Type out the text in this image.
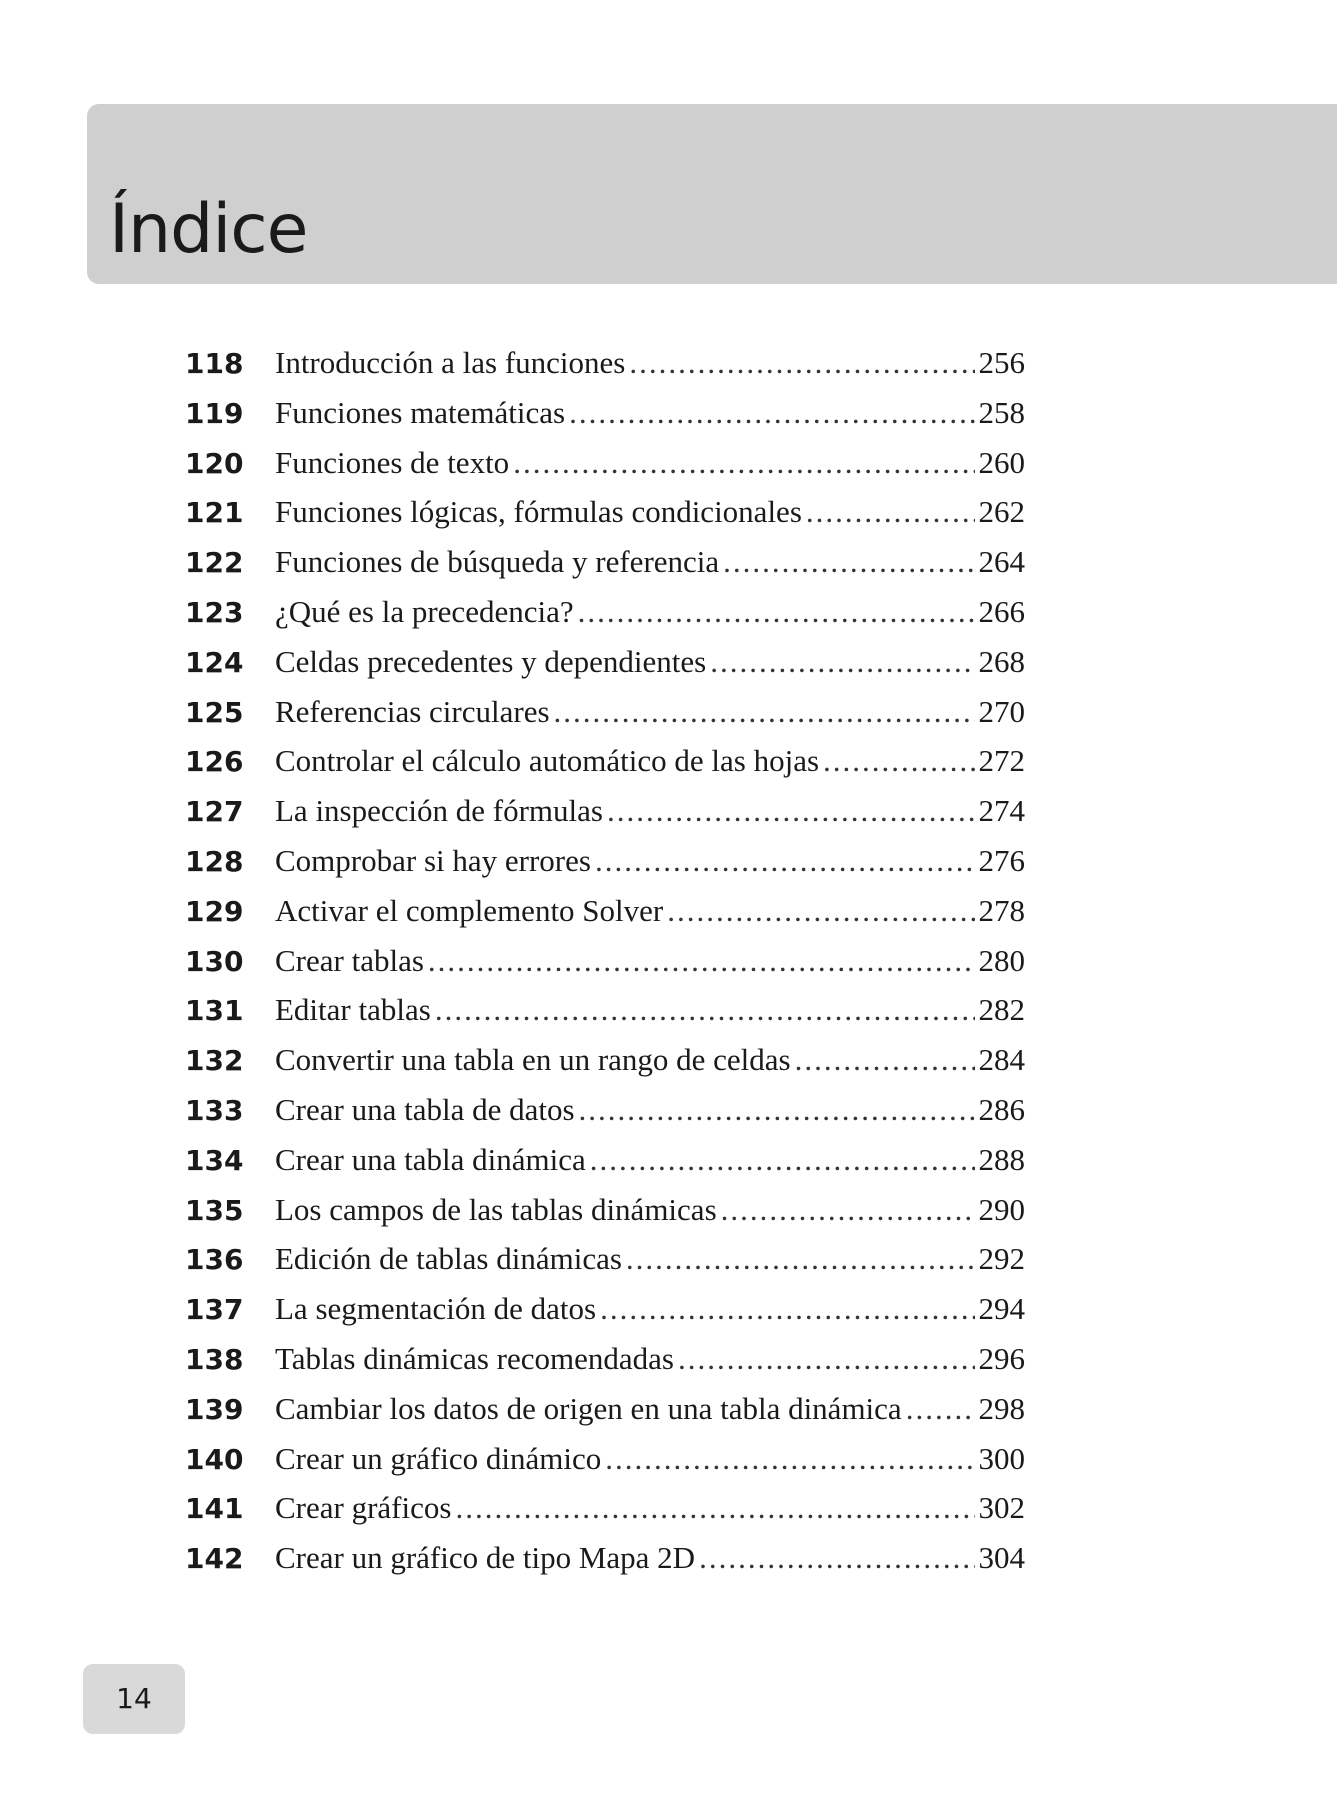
Índice
118	Introducción a las funciones .....	256
119	Funciones matemáticas .....	258
120	Funciones de texto .....	260
121	Funciones lógicas, fórmulas condicionales .....	262
122	Funciones de búsqueda y referencia .....	264
123	¿Qué es la precedencia? .....	266
124	Celdas precedentes y dependientes .....	268
125	Referencias circulares .....	270
126	Controlar el cálculo automático de las hojas .....	272
127	La inspección de fórmulas .....	274
128	Comprobar si hay errores .....	276
129	Activar el complemento Solver .....	278
130	Crear tablas .....	280
131	Editar tablas .....	282
132	Convertir una tabla en un rango de celdas .....	284
133	Crear una tabla de datos .....	286
134	Crear una tabla dinámica .....	288
135	Los campos de las tablas dinámicas .....	290
136	Edición de tablas dinámicas .....	292
137	La segmentación de datos .....	294
138	Tablas dinámicas recomendadas .....	296
139	Cambiar los datos de origen en una tabla dinámica ..... 298
140	Crear un gráfico dinámico .....	300
141	Crear gráficos .....	302
142	Crear un gráfico de tipo Mapa 2D .....	304
14
